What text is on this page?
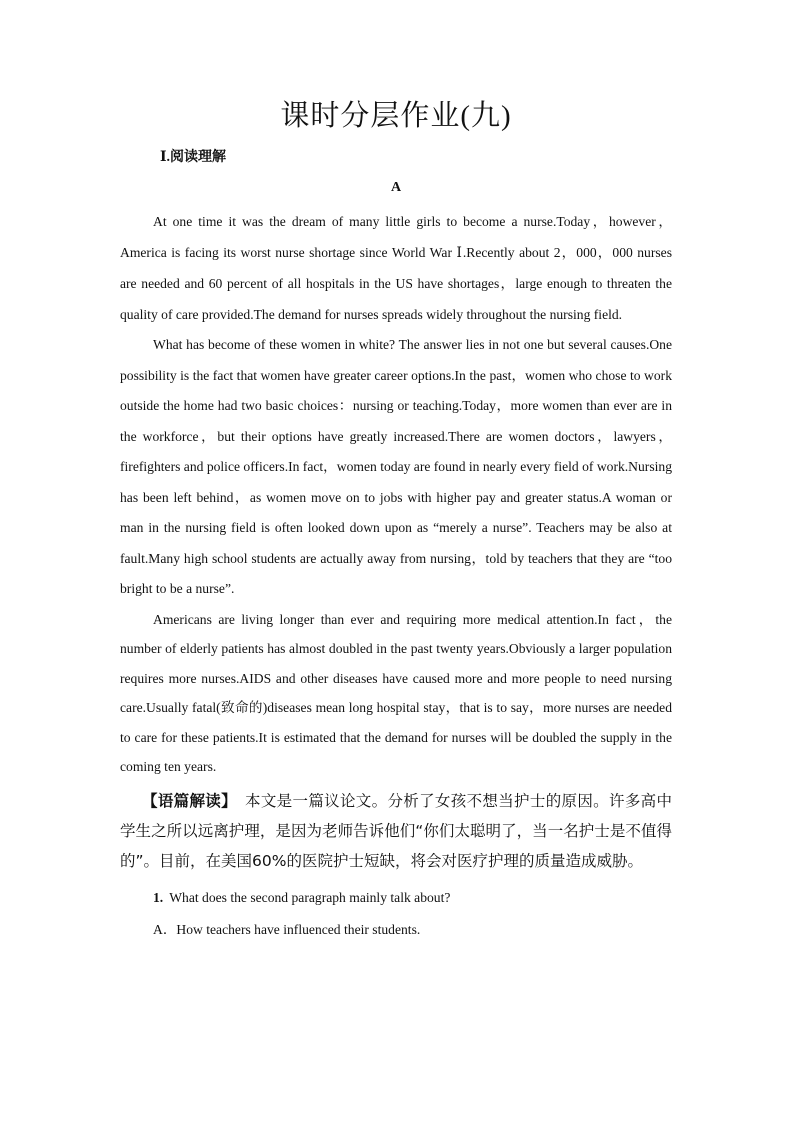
课时分层作业(九)
Ⅰ.阅读理解
A

At one time it was the dream of many little girls to become a nurse.Today，however，America is facing its worst nurse shortage since World War Ⅰ.Recently about 2，000，000 nurses are needed and 60 percent of all hospitals in the US have shortages，large enough to threaten the quality of care provided.The demand for nurses spreads widely throughout the nursing field.

What has become of these women in white? The answer lies in not one but several causes.One possibility is the fact that women have greater career options.In the past，women who chose to work outside the home had two basic choices：nursing or teaching.Today，more women than ever are in the workforce，but their options have greatly increased.There are women doctors，lawyers，firefighters and police officers.In fact，women today are found in nearly every field of work.Nursing has been left behind，as women move on to jobs with higher pay and greater status.A woman or man in the nursing field is often looked down upon as “merely a nurse”. Teachers may be also at fault.Many high school students are actually away from nursing，told by teachers that they are “too bright to be a nurse”.

Americans are living longer than ever and requiring more medical attention.In fact，the number of elderly patients has almost doubled in the past twenty years.Obviously a larger population requires more nurses.AIDS and other diseases have caused more and more people to need nursing care.Usually fatal(致命的)diseases mean long hospital stay，that is to say，more nurses are needed to care for these patients.It is estimated that the demand for nurses will be doubled the supply in the coming ten years.

【语篇解读】　本文是一篇议论文。分析了女孩不想当护士的原因。许多高中学生之所以远离护理，是因为老师告诉他们“你们太聪明了，当一名护士是不值得的”。目前，在美国60%的医院护士短缺，将会对医疗护理的质量造成威胁。

1. What does the second paragraph mainly talk about?
A．How teachers have influenced their students.
